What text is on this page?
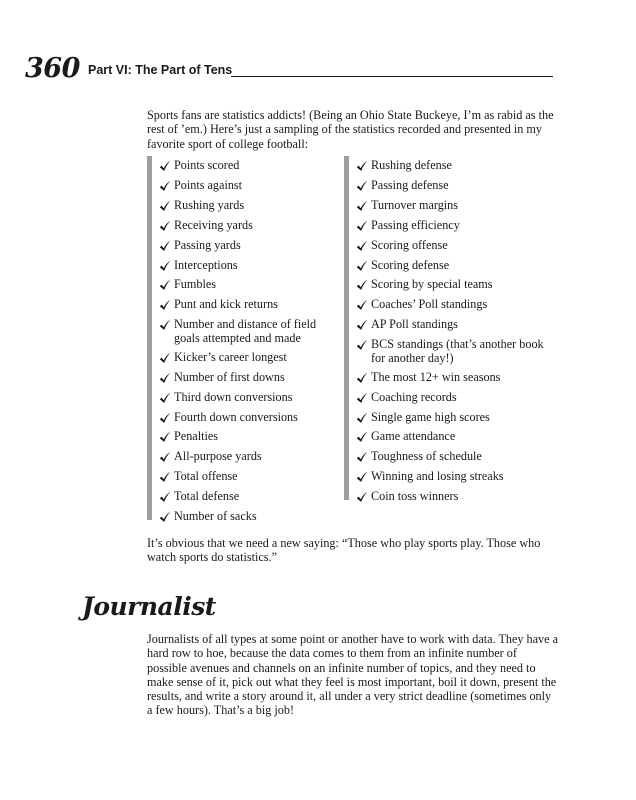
360 Part VI: The Part of Tens
Sports fans are statistics addicts! (Being an Ohio State Buckeye, I’m as rabid as the rest of ’em.) Here’s just a sampling of the statistics recorded and presented in my favorite sport of college football:
Points scored
Points against
Rushing yards
Receiving yards
Passing yards
Interceptions
Fumbles
Punt and kick returns
Number and distance of field goals attempted and made
Kicker’s career longest
Number of first downs
Third down conversions
Fourth down conversions
Penalties
All-purpose yards
Total offense
Total defense
Number of sacks
Rushing defense
Passing defense
Turnover margins
Passing efficiency
Scoring offense
Scoring defense
Scoring by special teams
Coaches’ Poll standings
AP Poll standings
BCS standings (that’s another book for another day!)
The most 12+ win seasons
Coaching records
Single game high scores
Game attendance
Toughness of schedule
Winning and losing streaks
Coin toss winners
It’s obvious that we need a new saying: “Those who play sports play. Those who watch sports do statistics.”
Journalist
Journalists of all types at some point or another have to work with data. They have a hard row to hoe, because the data comes to them from an infinite number of possible avenues and channels on an infinite number of topics, and they need to make sense of it, pick out what they feel is most important, boil it down, present the results, and write a story around it, all under a very strict deadline (sometimes only a few hours). That’s a big job!
